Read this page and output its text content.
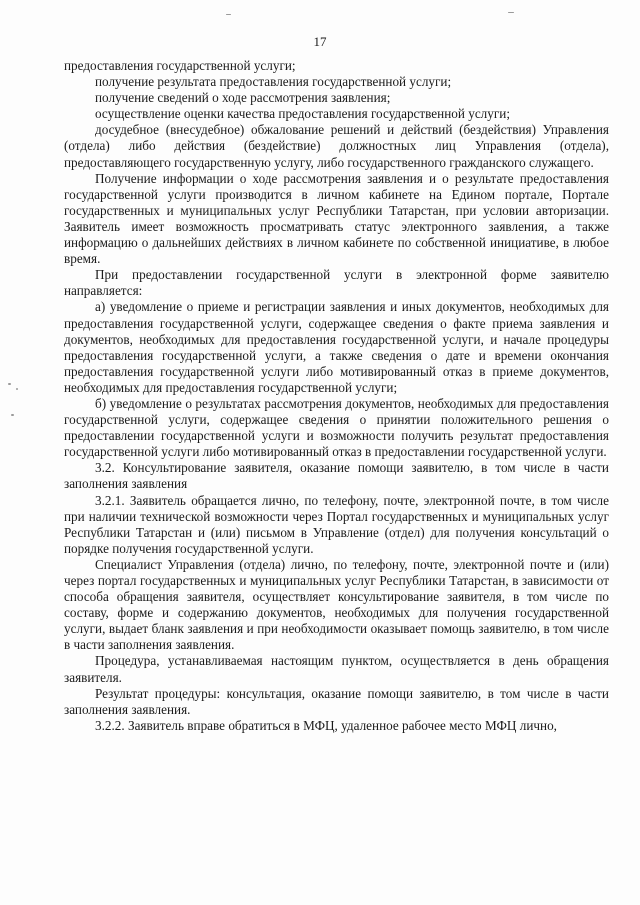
17

предоставления государственной услуги;

получение результата предоставления государственной услуги;

получение сведений о ходе рассмотрения заявления;

осуществление оценки качества предоставления государственной услуги;

досудебное (внесудебное) обжалование решений и действий (бездействия) Управления (отдела) либо действия (бездействие) должностных лиц Управления (отдела), предоставляющего государственную услугу, либо государственного гражданского служащего.

Получение информации о ходе рассмотрения заявления и о результате предоставления государственной услуги производится в личном кабинете на Едином портале, Портале государственных и муниципальных услуг Республики Татарстан, при условии авторизации. Заявитель имеет возможность просматривать статус электронного заявления, а также информацию о дальнейших действиях в личном кабинете по собственной инициативе, в любое время.

При предоставлении государственной услуги в электронной форме заявителю направляется:

а) уведомление о приеме и регистрации заявления и иных документов, необходимых для предоставления государственной услуги, содержащее сведения о факте приема заявления и документов, необходимых для предоставления государственной услуги, и начале процедуры предоставления государственной услуги, а также сведения о дате и времени окончания предоставления государственной услуги либо мотивированный отказ в приеме документов, необходимых для предоставления государственной услуги;

б) уведомление о результатах рассмотрения документов, необходимых для предоставления государственной услуги, содержащее сведения о принятии положительного решения о предоставлении государственной услуги и возможности получить результат предоставления государственной услуги либо мотивированный отказ в предоставлении государственной услуги.

3.2. Консультирование заявителя, оказание помощи заявителю, в том числе в части заполнения заявления

3.2.1. Заявитель обращается лично, по телефону, почте, электронной почте, в том числе при наличии технической возможности через Портал государственных и муниципальных услуг Республики Татарстан и (или) письмом в Управление (отдел) для получения консультаций о порядке получения государственной услуги.

Специалист Управления (отдела) лично, по телефону, почте, электронной почте и (или) через портал государственных и муниципальных услуг Республики Татарстан, в зависимости от способа обращения заявителя, осуществляет консультирование заявителя, в том числе по составу, форме и содержанию документов, необходимых для получения государственной услуги, выдает бланк заявления и при необходимости оказывает помощь заявителю, в том числе в части заполнения заявления.

Процедура, устанавливаемая настоящим пунктом, осуществляется в день обращения заявителя.

Результат процедуры: консультация, оказание помощи заявителю, в том числе в части заполнения заявления.

3.2.2. Заявитель вправе обратиться в МФЦ, удаленное рабочее место МФЦ лично,
